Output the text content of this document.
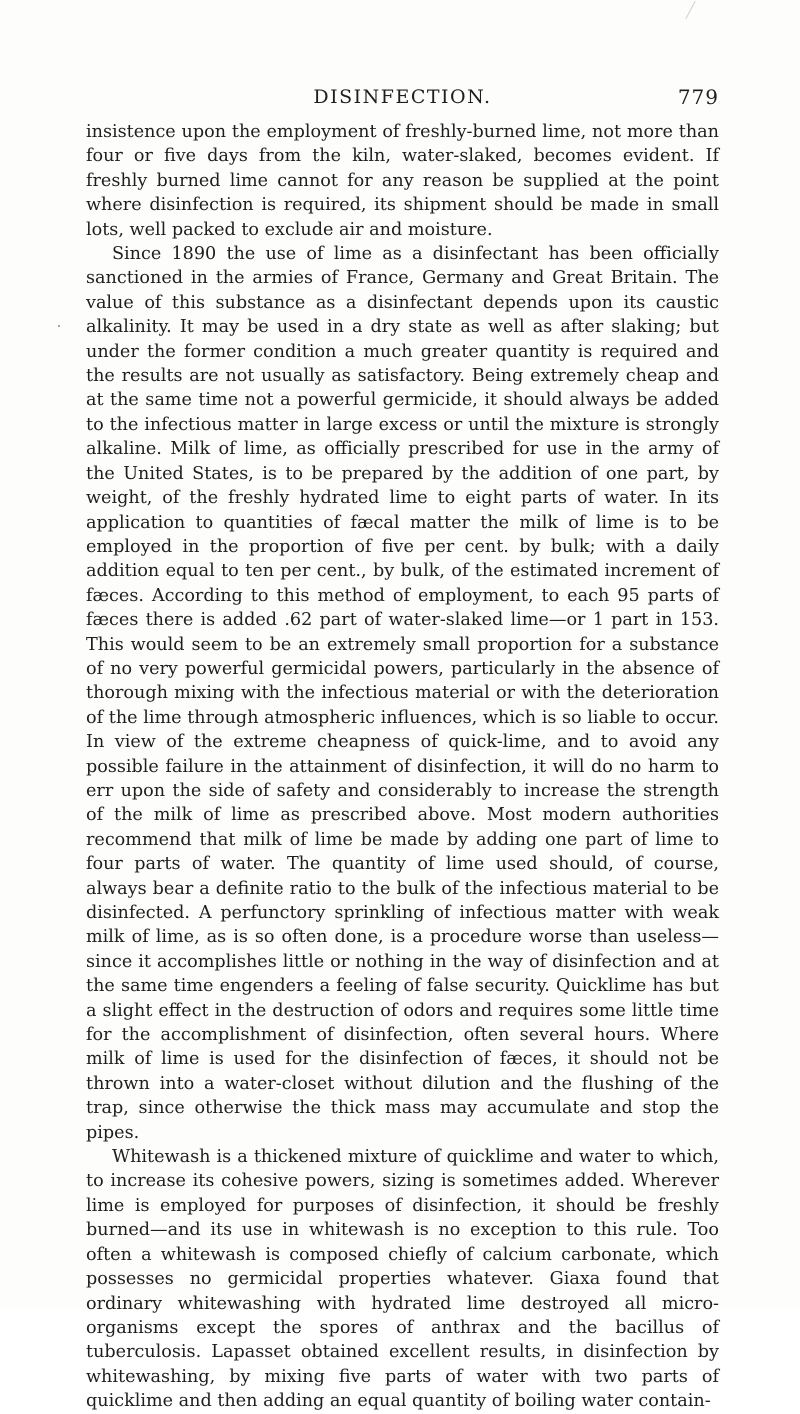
DISINFECTION.	779

insistence upon the employment of freshly-burned lime, not more than four or five days from the kiln, water-slaked, becomes evident. If freshly burned lime cannot for any reason be supplied at the point where disinfection is required, its shipment should be made in small lots, well packed to exclude air and moisture.

Since 1890 the use of lime as a disinfectant has been officially sanctioned in the armies of France, Germany and Great Britain. The value of this substance as a disinfectant depends upon its caustic alkalinity. It may be used in a dry state as well as after slaking; but under the former condition a much greater quantity is required and the results are not usually as satisfactory. Being extremely cheap and at the same time not a powerful germicide, it should always be added to the infectious matter in large excess or until the mixture is strongly alkaline. Milk of lime, as officially prescribed for use in the army of the United States, is to be prepared by the addition of one part, by weight, of the freshly hydrated lime to eight parts of water. In its application to quantities of fæcal matter the milk of lime is to be employed in the proportion of five per cent. by bulk; with a daily addition equal to ten per cent., by bulk, of the estimated increment of fæces. According to this method of employment, to each 95 parts of fæces there is added .62 part of water-slaked lime—or 1 part in 153. This would seem to be an extremely small proportion for a substance of no very powerful germicidal powers, particularly in the absence of thorough mixing with the infectious material or with the deterioration of the lime through atmospheric influences, which is so liable to occur. In view of the extreme cheapness of quick-lime, and to avoid any possible failure in the attainment of disinfection, it will do no harm to err upon the side of safety and considerably to increase the strength of the milk of lime as prescribed above. Most modern authorities recommend that milk of lime be made by adding one part of lime to four parts of water. The quantity of lime used should, of course, always bear a definite ratio to the bulk of the infectious material to be disinfected. A perfunctory sprinkling of infectious matter with weak milk of lime, as is so often done, is a procedure worse than useless—since it accomplishes little or nothing in the way of disinfection and at the same time engenders a feeling of false security. Quicklime has but a slight effect in the destruction of odors and requires some little time for the accomplishment of disinfection, often several hours. Where milk of lime is used for the disinfection of fæces, it should not be thrown into a water-closet without dilution and the flushing of the trap, since otherwise the thick mass may accumulate and stop the pipes.

Whitewash is a thickened mixture of quicklime and water to which, to increase its cohesive powers, sizing is sometimes added. Wherever lime is employed for purposes of disinfection, it should be freshly burned—and its use in whitewash is no exception to this rule. Too often a whitewash is composed chiefly of calcium carbonate, which possesses no germicidal properties whatever. Giaxa found that ordinary whitewashing with hydrated lime destroyed all micro-organisms except the spores of anthrax and the bacillus of tuberculosis. Lapasset obtained excellent results, in disinfection by whitewashing, by mixing five parts of water with two parts of quicklime and then adding an equal quantity of boiling water contain-
